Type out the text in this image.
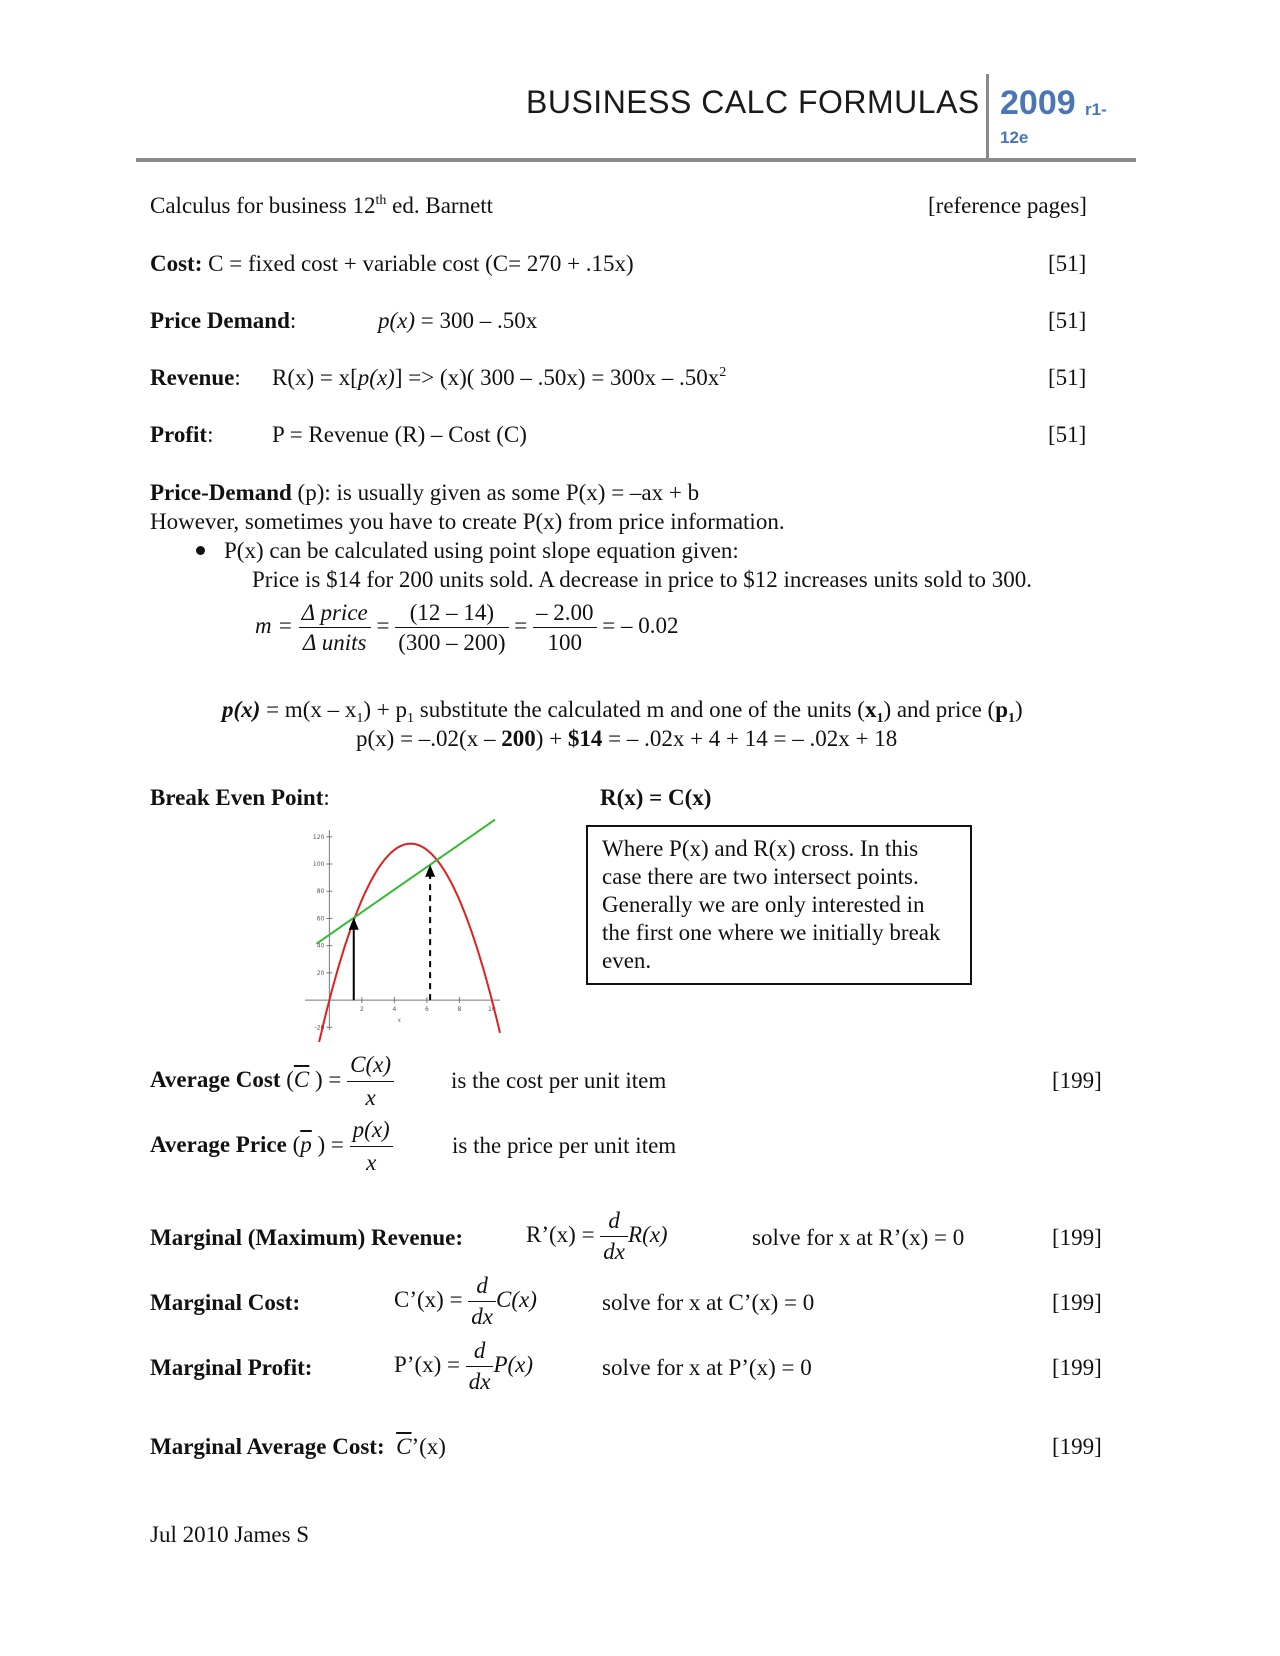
BUSINESS CALC FORMULAS 2009 r1-
12e
Calculus for business 12th ed. Barnett	[reference pages]
Cost: C = fixed cost + variable cost (C= 270 + .15x)	[51]
Price Demand:	p(x) = 300 – .50x	[51]
Revenue: R(x) = x[p(x)] => (x)( $300 - .50x) = 300x - .50x^2$	[51]
Profit:	P = Revenue (R) – Cost (C)	[51]
Price-Demand (p): is usually given as some P(x) = –ax + b
However, sometimes you have to create P(x) from price information.
P(x) can be calculated using point slope equation given:
Price is $14 for 200 units sold. A decrease in price to $12 increases units sold to 300.
$m = \frac{\text{Δ price}}{\text{Δ units}} = \frac{(12 - 14)}{(300 - 200)} = \frac{- 2.00}{100}$ = – 0.02
$p(x) = m(x - x_1) + p_1$ substitute the calculated m and one of the units $(x_1)$ and price $(p_1)$
p(x) = –.02(x – 200) + $14 = – .02x + 4 + 14 = – .02x + 18
Break Even Point:	R(x) = C(x)
2	4	6	8	10
-20
20
40
60
80
100
120
x
Where P(x) and R(x) cross. In this case there are two intersect points. Generally we are only interested in the first one where we initially break even.
Average Cost ($\overline{C}$ ) = $\frac{C(x)}{x}$ is the cost per unit item	[199]
Average Price ($\overline{p}$ ) = $\frac{p(x)}{x}$	is the price per unit item
Marginal (Maximum) Revenue:	R’(x) = $\frac{d}{dx} R(x)$	solve for x at R’(x) = 0	[199]
Marginal Cost:	C’(x) = $\frac{d}{dx} C(x)$	solve for x at C’(x) = 0	[199]
Marginal Profit:	P’(x) = $\frac{d}{dx} P(x)$	solve for x at P’(x) = 0	[199]
Marginal Average Cost: $\overline{C}’(x)$	[199]
Jul 2010 James S
